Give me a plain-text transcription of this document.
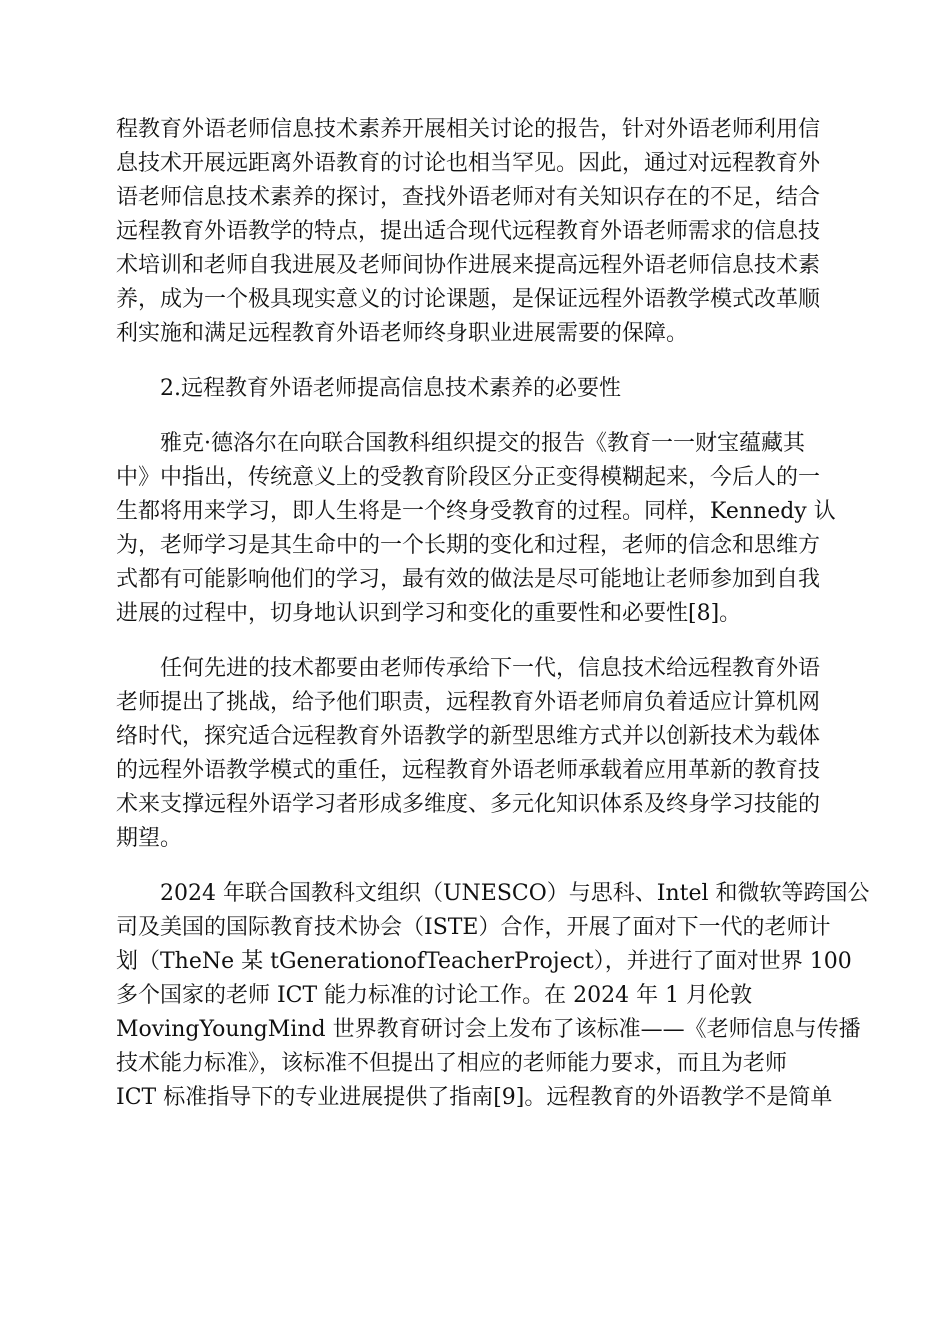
程教育外语老师信息技术素养开展相关讨论的报告，针对外语老师利用信
息技术开展远距离外语教育的讨论也相当罕见。因此，通过对远程教育外
语老师信息技术素养的探讨，查找外语老师对有关知识存在的不足，结合
远程教育外语教学的特点，提出适合现代远程教育外语老师需求的信息技
术培训和老师自我进展及老师间协作进展来提高远程外语老师信息技术素
养，成为一个极具现实意义的讨论课题，是保证远程外语教学模式改革顺
利实施和满足远程教育外语老师终身职业进展需要的保障。
2.远程教育外语老师提高信息技术素养的必要性
雅克·德洛尔在向联合国教科组织提交的报告《教育一一财宝蕴藏其
中》中指出，传统意义上的受教育阶段区分正变得模糊起来，今后人的一
生都将用来学习，即人生将是一个终身受教育的过程。同样，Kennedy 认
为，老师学习是其生命中的一个长期的变化和过程，老师的信念和思维方
式都有可能影响他们的学习，最有效的做法是尽可能地让老师参加到自我
进展的过程中，切身地认识到学习和变化的重要性和必要性[8]。
任何先进的技术都要由老师传承给下一代，信息技术给远程教育外语
老师提出了挑战，给予他们职责，远程教育外语老师肩负着适应计算机网
络时代，探究适合远程教育外语教学的新型思维方式并以创新技术为载体
的远程外语教学模式的重任，远程教育外语老师承载着应用革新的教育技
术来支撑远程外语学习者形成多维度、多元化知识体系及终身学习技能的
期望。
2024 年联合国教科文组织（UNESCO）与思科、Intel 和微软等跨国公
司及美国的国际教育技术协会（ISTE）合作，开展了面对下一代的老师计
划（TheNe 某 tGenerationofTeacherProject），并进行了面对世界 100
多个国家的老师 ICT 能力标准的讨论工作。在 2024 年 1 月伦敦
MovingYoungMind 世界教育研讨会上发布了该标准——《老师信息与传播
技术能力标准》，该标准不但提出了相应的老师能力要求，而且为老师
ICT 标准指导下的专业进展提供了指南[9]。远程教育的外语教学不是简单
